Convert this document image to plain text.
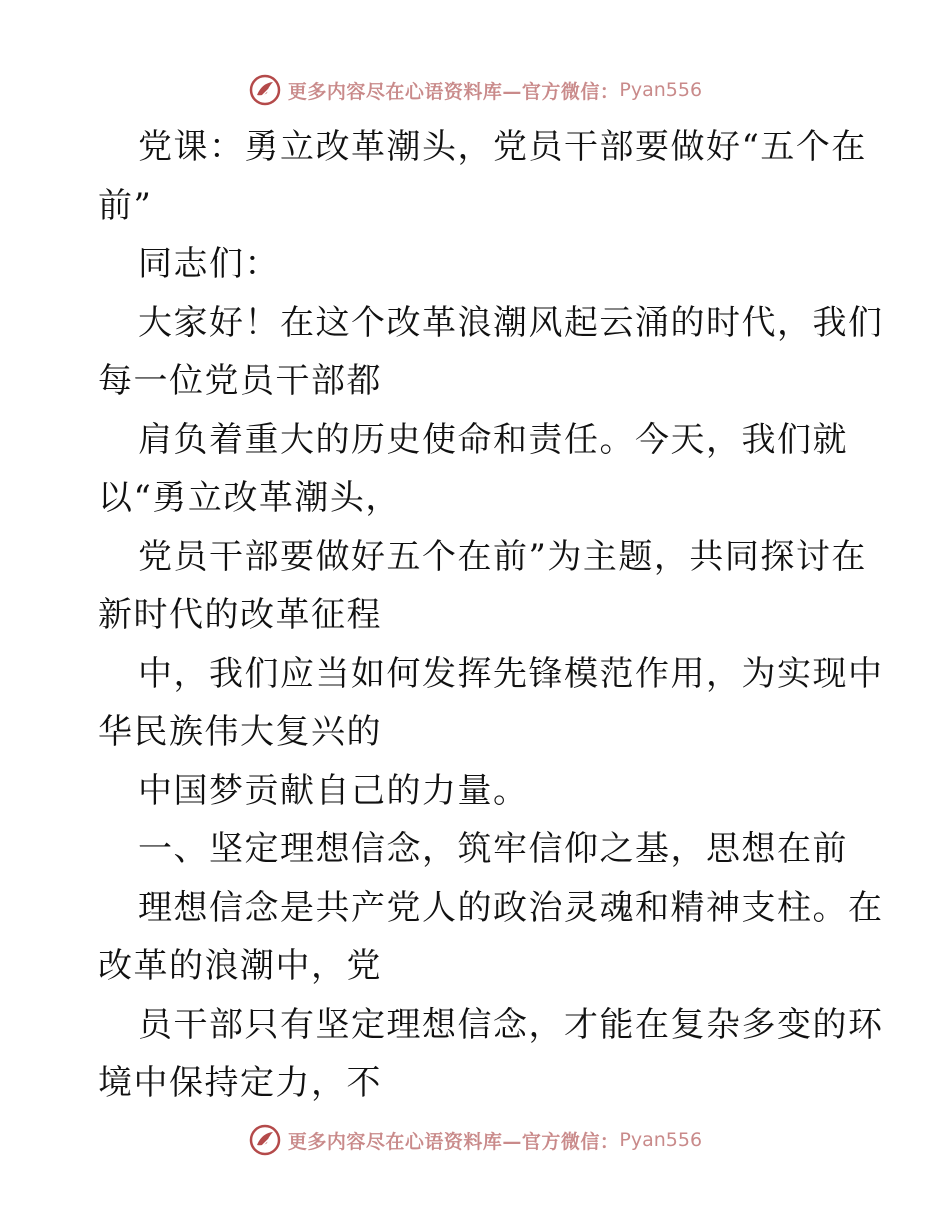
更多内容尽在心语资料库—官方微信： Pyan556
党课：勇立改革潮头，党员干部要做好“五个在
前”
同志们：
大家好！在这个改革浪潮风起云涌的时代，我们
每一位党员干部都
肩负着重大的历史使命和责任。今天，我们就
以“勇立改革潮头，
党员干部要做好五个在前”为主题，共同探讨在
新时代的改革征程
中，我们应当如何发挥先锋模范作用，为实现中
华民族伟大复兴的
中国梦贡献自己的力量。
一、坚定理想信念，筑牢信仰之基，思想在前
理想信念是共产党人的政治灵魂和精神支柱。在
改革的浪潮中，党
员干部只有坚定理想信念，才能在复杂多变的环
境中保持定力，不
更多内容尽在心语资料库—官方微信： Pyan556
